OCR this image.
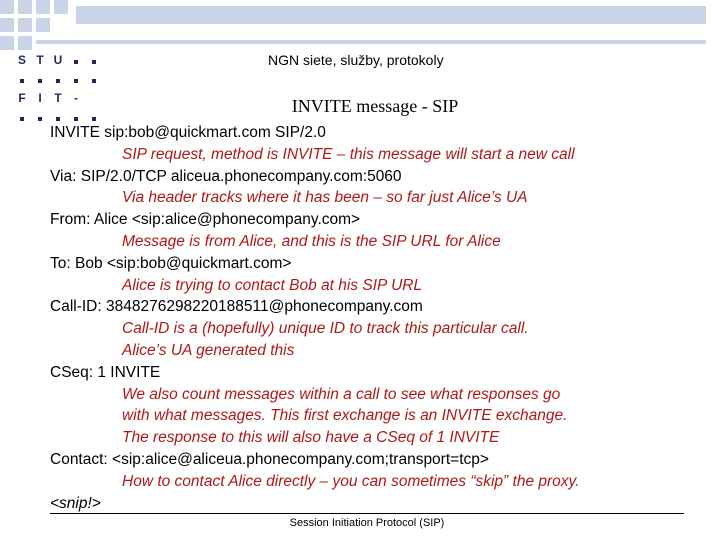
S T U
F	I	T	-
NGN siete, služby, protokoly
INVITE message - SIP
INVITE sip:bob@quickmart.com SIP/2.0
SIP request, method is INVITE – this message will start a new call
Via: SIP/2.0/TCP aliceua.phonecompany.com:5060
Via header tracks where it has been – so far just Alice’s UA
From: Alice <sip:alice@phonecompany.com>
Message is from Alice, and this is the SIP URL for Alice
To: Bob <sip:bob@quickmart.com>
Alice is trying to contact Bob at his SIP URL
Call-ID: 3848276298220188511@phonecompany.com
Call-ID is a (hopefully) unique ID to track this particular call.
Alice’s UA generated this
CSeq: 1 INVITE
We also count messages within a call to see what responses go
with what messages. This first exchange is an INVITE exchange.
The response to this will also have a CSeq of 1 INVITE
Contact: <sip:alice@aliceua.phonecompany.com;transport=tcp>
How to contact Alice directly – you can sometimes “skip” the proxy.
<snip!>
Session Initiation Protocol (SIP)
